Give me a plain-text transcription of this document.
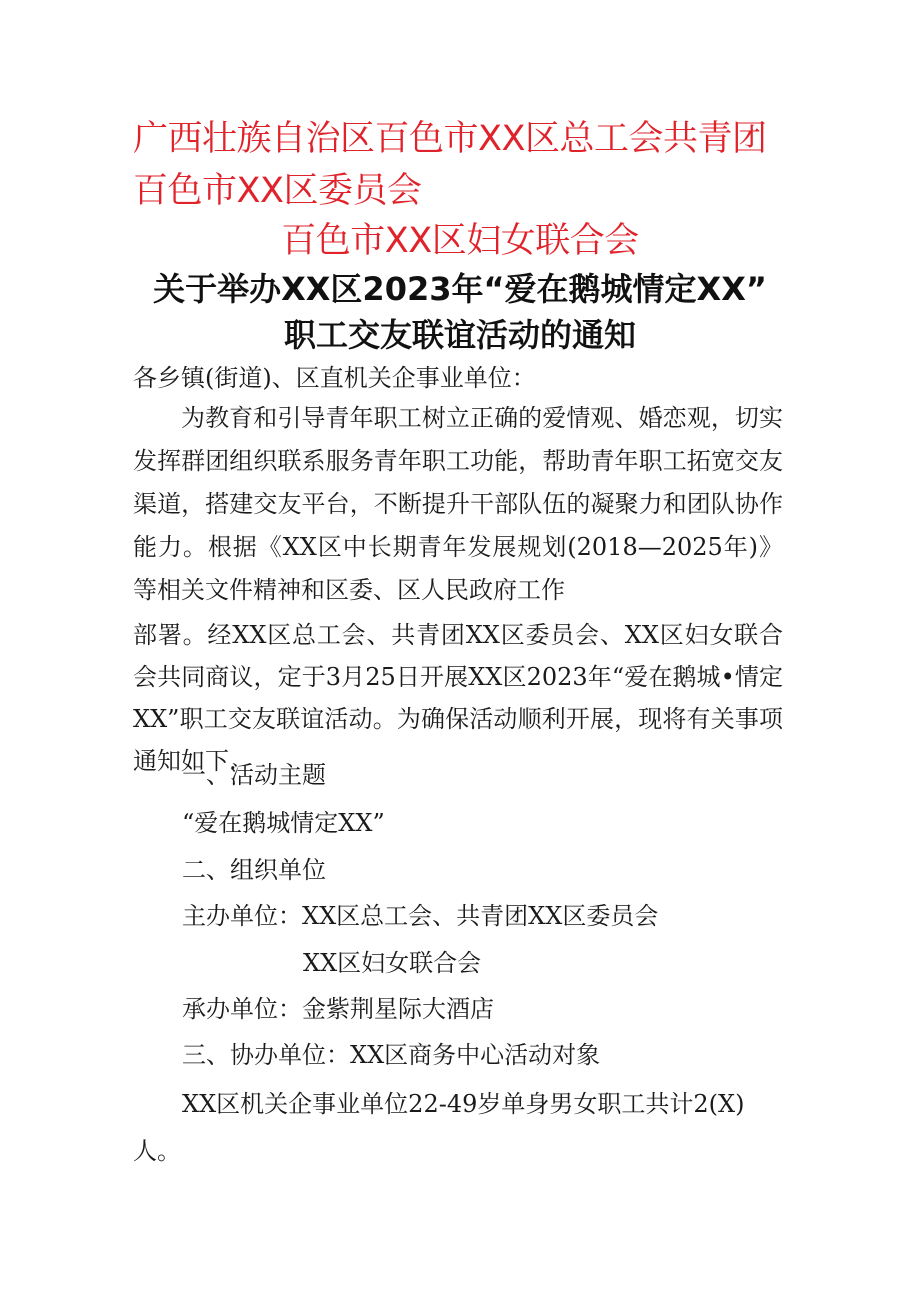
广西壮族自治区百色市XX区总工会共青团百色市XX区委员会
百色市XX区妇女联合会
关于举办XX区2023年“爱在鹅城情定XX”
职工交友联谊活动的通知
各乡镇(街道)、区直机关企事业单位：
为教育和引导青年职工树立正确的爱情观、婚恋观，切实发挥群团组织联系服务青年职工功能，帮助青年职工拓宽交友渠道，搭建交友平台，不断提升干部队伍的凝聚力和团队协作能力。根据《XX区中长期青年发展规划(2018—2025年)》等相关文件精神和区委、区人民政府工作
部署。经XX区总工会、共青团XX区委员会、XX区妇女联合会共同商议，定于3月25日开展XX区2023年“爱在鹅城•情定XX”职工交友联谊活动。为确保活动顺利开展，现将有关事项通知如下.
一、活动主题
“爱在鹅城情定XX”
二、组织单位
主办单位：XX区总工会、共青团XX区委员会
XX区妇女联合会
承办单位：金紫荆星际大酒店
三、协办单位：XX区商务中心活动对象
XX区机关企事业单位22-49岁单身男女职工共计2(X)
人。
